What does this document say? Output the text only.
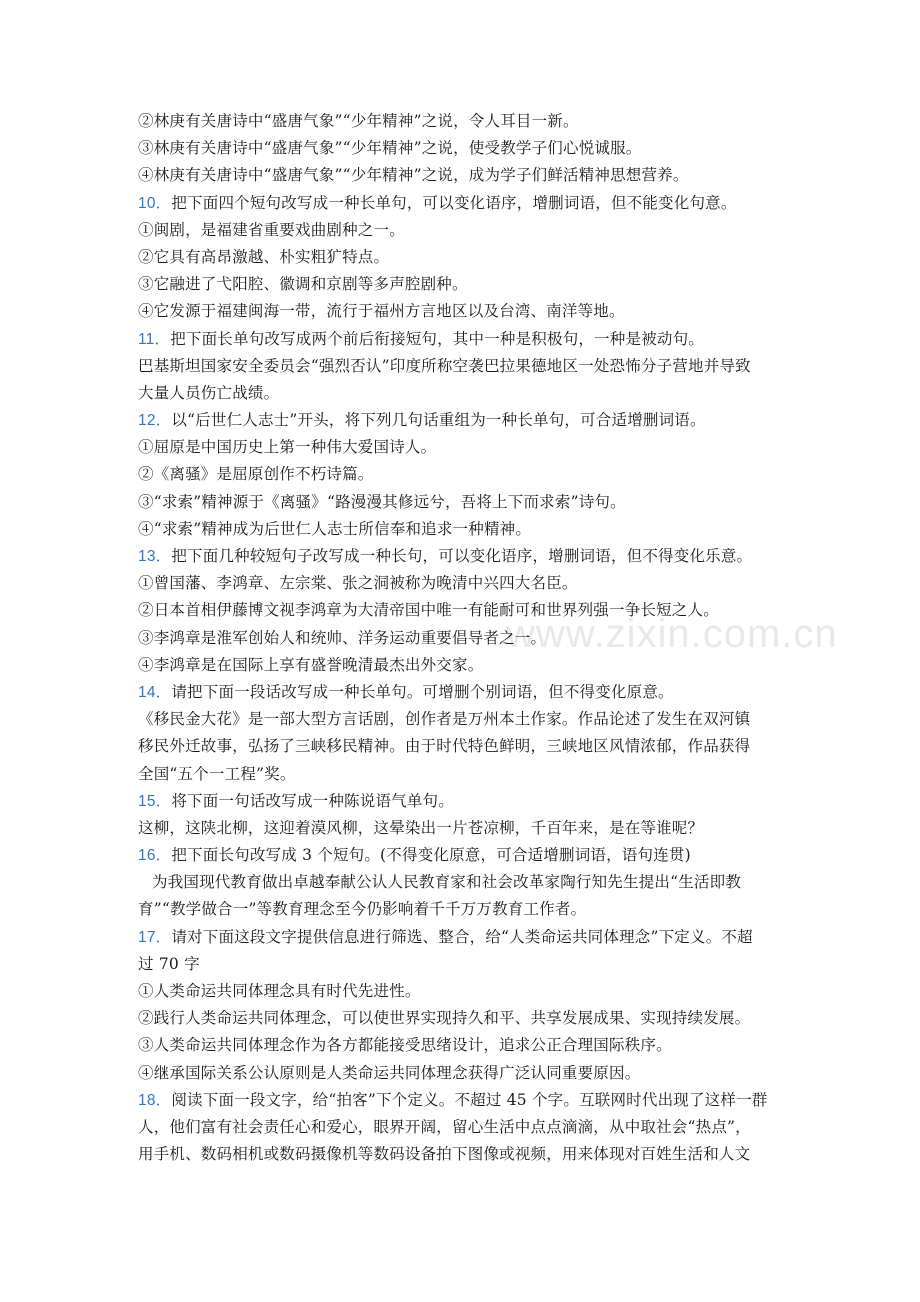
www.zixin.com.cn
②林庚有关唐诗中“盛唐气象”“少年精神”之说，令人耳目一新。
③林庚有关唐诗中“盛唐气象”“少年精神”之说，使受教学子们心悦诚服。
④林庚有关唐诗中“盛唐气象”“少年精神”之说，成为学子们鲜活精神思想营养。
10．把下面四个短句改写成一种长单句，可以变化语序，增删词语，但不能变化句意。
①闽剧，是福建省重要戏曲剧种之一。
②它具有高昂激越、朴实粗犷特点。
③它融进了弋阳腔、徽调和京剧等多声腔剧种。
④它发源于福建闽海一带，流行于福州方言地区以及台湾、南洋等地。
11．把下面长单句改写成两个前后衔接短句，其中一种是积极句，一种是被动句。
巴基斯坦国家安全委员会“强烈否认”印度所称空袭巴拉果德地区一处恐怖分子营地并导致
大量人员伤亡战绩。
12．以“后世仁人志士”开头，将下列几句话重组为一种长单句，可合适增删词语。
①屈原是中国历史上第一种伟大爱国诗人。
②《离骚》是屈原创作不朽诗篇。
③“求索”精神源于《离骚》“路漫漫其修远兮，吾将上下而求索”诗句。
④“求索”精神成为后世仁人志士所信奉和追求一种精神。
13．把下面几种较短句子改写成一种长句，可以变化语序，增删词语，但不得变化乐意。
①曾国藩、李鸿章、左宗棠、张之洞被称为晚清中兴四大名臣。
②日本首相伊藤博文视李鸿章为大清帝国中唯一有能耐可和世界列强一争长短之人。
③李鸿章是淮军创始人和统帅、洋务运动重要倡导者之一。
④李鸿章是在国际上享有盛誉晚清最杰出外交家。
14．请把下面一段话改写成一种长单句。可增删个别词语，但不得变化原意。
《移民金大花》是一部大型方言话剧，创作者是万州本土作家。作品论述了发生在双河镇
移民外迁故事，弘扬了三峡移民精神。由于时代特色鲜明，三峡地区风情浓郁，作品获得
全国“五个一工程”奖。
15．将下面一句话改写成一种陈说语气单句。
这柳，这陕北柳，这迎着漠风柳，这晕染出一片苍凉柳，千百年来，是在等谁呢？
16．把下面长句改写成 3 个短句。(不得变化原意，可合适增删词语，语句连贯)
为我国现代教育做出卓越奉献公认人民教育家和社会改革家陶行知先生提出“生活即教
育”“教学做合一”等教育理念至今仍影响着千千万万教育工作者。
17．请对下面这段文字提供信息进行筛选、整合，给“人类命运共同体理念”下定义。不超
过 70 字
①人类命运共同体理念具有时代先进性。
②践行人类命运共同体理念，可以使世界实现持久和平、共享发展成果、实现持续发展。
③人类命运共同体理念作为各方都能接受思绪设计，追求公正合理国际秩序。
④继承国际关系公认原则是人类命运共同体理念获得广泛认同重要原因。
18．阅读下面一段文字，给“拍客”下个定义。不超过 45 个字。互联网时代出现了这样一群
人，他们富有社会责任心和爱心，眼界开阔，留心生活中点点滴滴，从中取社会“热点”，
用手机、数码相机或数码摄像机等数码设备拍下图像或视频，用来体现对百姓生活和人文
